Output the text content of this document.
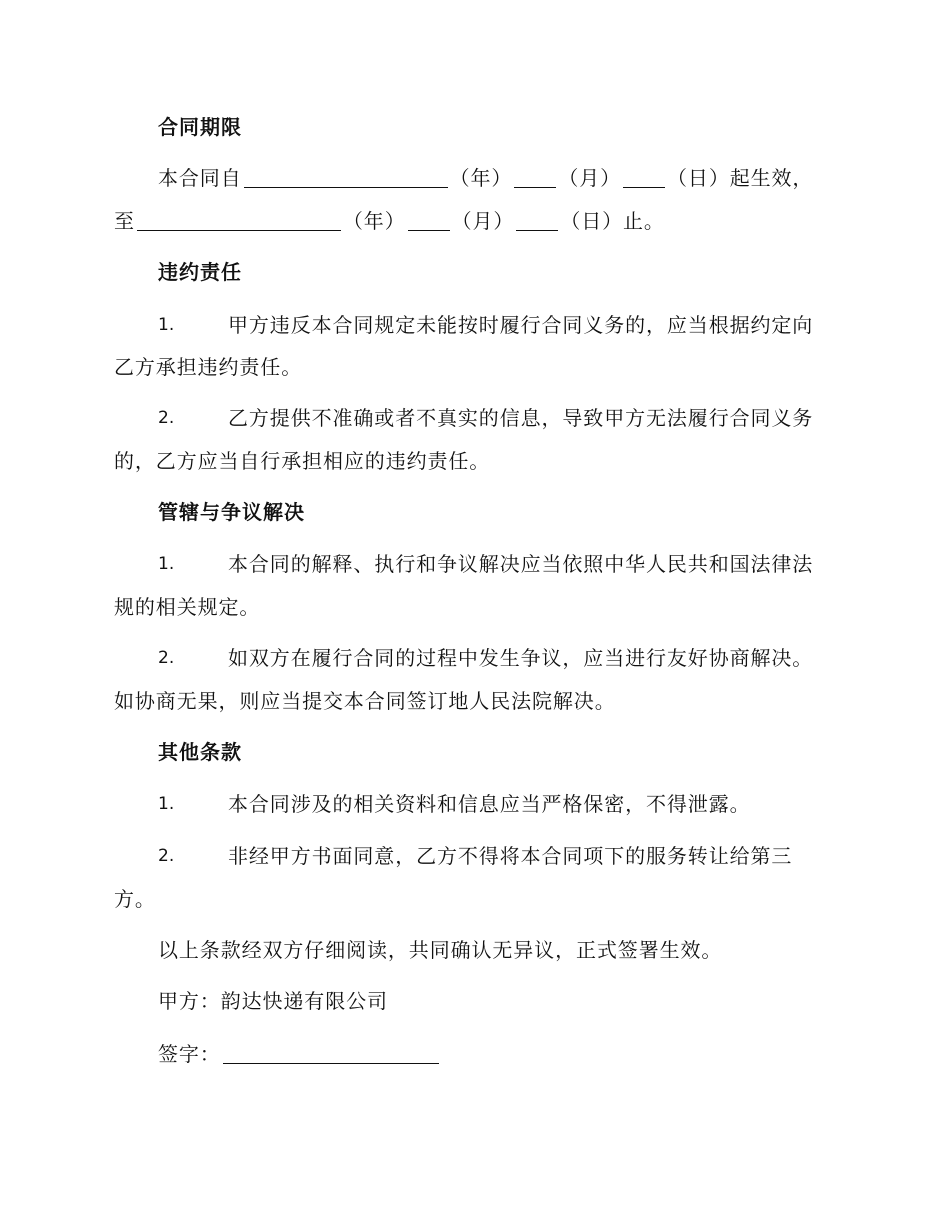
合同期限
本合同自	（年） （月） （日）起生效，
至	（年） （月） （日）止。
违约责任
1.	甲方违反本合同规定未能按时履行合同义务的，应当根据约定向
乙方承担违约责任。
2.	乙方提供不准确或者不真实的信息，导致甲方无法履行合同义务
的，乙方应当自行承担相应的违约责任。
管辖与争议解决
1.	本合同的解释、执行和争议解决应当依照中华人民共和国法律法
规的相关规定。
2.	如双方在履行合同的过程中发生争议，应当进行友好协商解决。
如协商无果，则应当提交本合同签订地人民法院解决。
其他条款
1.	本合同涉及的相关资料和信息应当严格保密，不得泄露。
2.	非经甲方书面同意，乙方不得将本合同项下的服务转让给第三
方。
以上条款经双方仔细阅读，共同确认无异议，正式签署生效。
甲方：韵达快递有限公司
签字：
